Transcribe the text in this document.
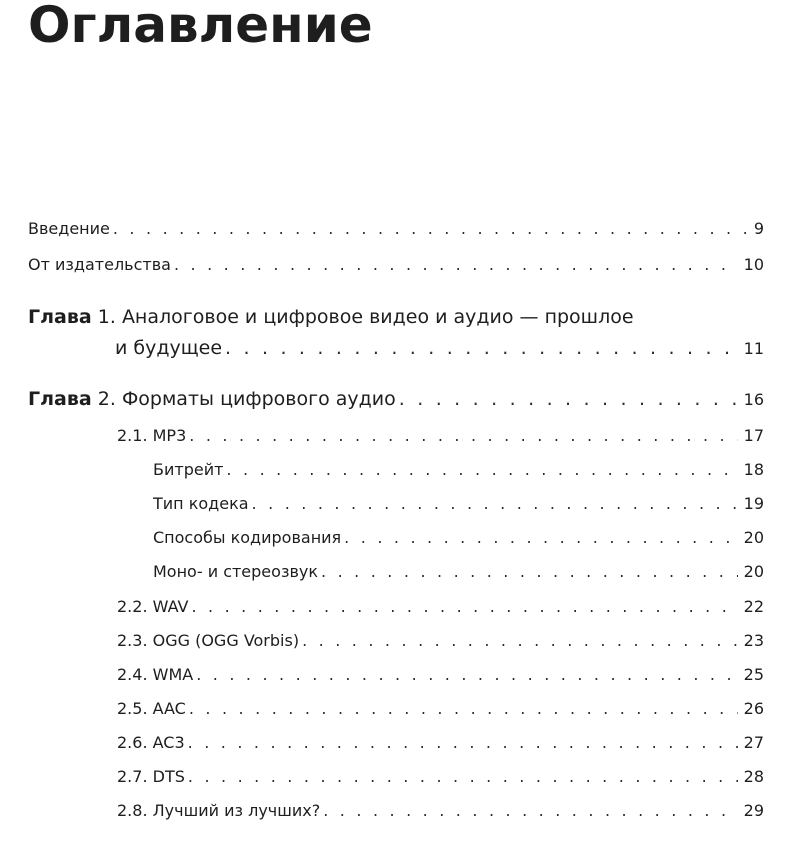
Оглавление
Введение . . .	9
От издательства . . .	10
Глава 1. Аналоговое и цифровое видео и аудио — прошлое
и будущее . . .	11
Глава 2. Форматы цифрового аудио . . .	16
2.1. MP3 . . .	17
Битрейт . . .	18
Тип кодека . . .	19
Способы кодирования . . .	20
Моно- и стереозвук . . .	20
2.2. WAV . . .	22
2.3. OGG (OGG Vorbis) . . .	23
2.4. WMA . . .	25
2.5. AAC . . .	26
2.6. AC3 . . .	27
2.7. DTS . . .	28
2.8. Лучший из лучших? . . .	29
